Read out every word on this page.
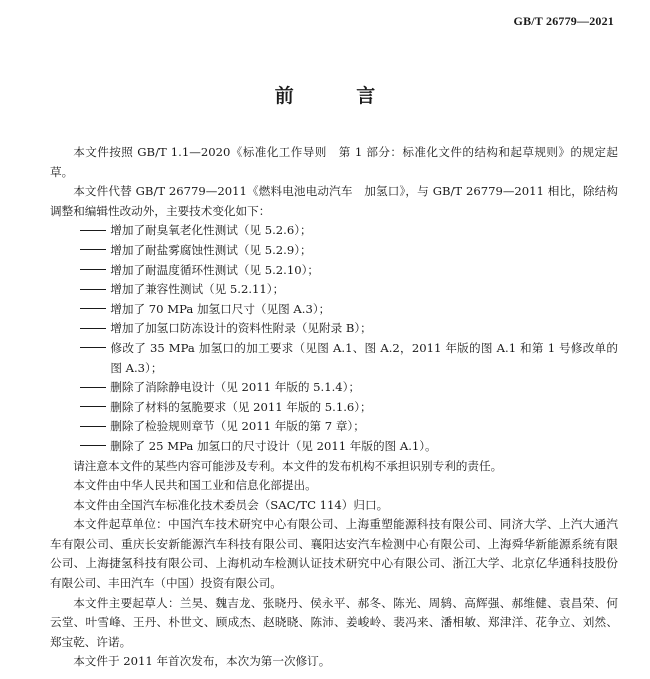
GB/T 26779—2021
前 言

本文件按照 GB/T 1.1—2020《标准化工作导则　第 1 部分：标准化文件的结构和起草规则》的规定起草。

本文件代替 GB/T 26779—2011《燃料电池电动汽车　加氢口》，与 GB/T 26779—2011 相比，除结构调整和编辑性改动外，主要技术变化如下：

增加了耐臭氧老化性测试（见 5.2.6）；

增加了耐盐雾腐蚀性测试（见 5.2.9）；

增加了耐温度循环性测试（见 5.2.10）；

增加了兼容性测试（见 5.2.11）；

增加了 70 MPa 加氢口尺寸（见图 A.3）；

增加了加氢口防冻设计的资料性附录（见附录 B）；

修改了 35 MPa 加氢口的加工要求（见图 A.1、图 A.2，2011 年版的图 A.1 和第 1 号修改单的图 A.3）；

删除了消除静电设计（见 2011 年版的 5.1.4）；

删除了材料的氢脆要求（见 2011 年版的 5.1.6）；

删除了检验规则章节（见 2011 年版的第 7 章）；

删除了 25 MPa 加氢口的尺寸设计（见 2011 年版的图 A.1）。

请注意本文件的某些内容可能涉及专利。本文件的发布机构不承担识别专利的责任。

本文件由中华人民共和国工业和信息化部提出。

本文件由全国汽车标准化技术委员会（SAC/TC 114）归口。

本文件起草单位：中国汽车技术研究中心有限公司、上海重塑能源科技有限公司、同济大学、上汽大通汽车有限公司、重庆长安新能源汽车科技有限公司、襄阳达安汽车检测中心有限公司、上海舜华新能源系统有限公司、上海捷氢科技有限公司、上海机动车检测认证技术研究中心有限公司、浙江大学、北京亿华通科技股份有限公司、丰田汽车（中国）投资有限公司。

本文件主要起草人：兰昊、魏吉龙、张晓丹、侯永平、郝冬、陈光、周鸫、高辉强、郝维健、袁昌荣、何云堂、叶雪峰、王丹、朴世文、顾成杰、赵晓晓、陈沛、姜峻岭、裴冯来、潘相敏、郑津洋、花争立、刘然、郑宝乾、许诺。

本文件于 2011 年首次发布，本次为第一次修订。
